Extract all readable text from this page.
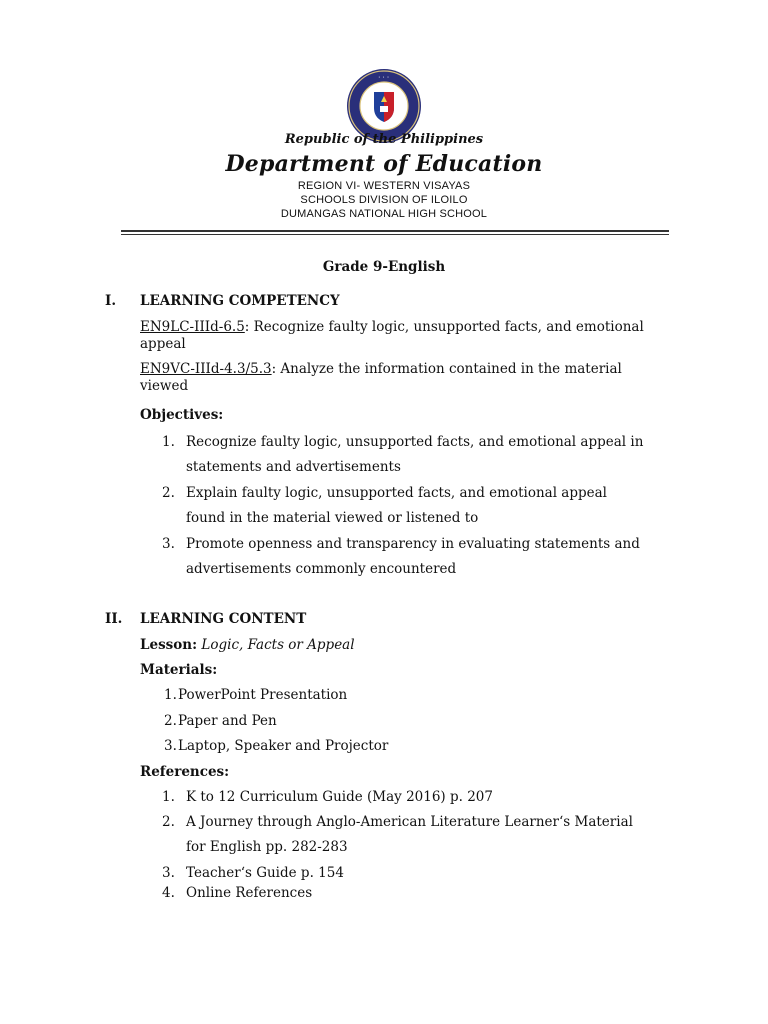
· · ·
Republic of the Philippines
Department of Education
REGION VI- WESTERN VISAYAS
SCHOOLS DIVISION OF ILOILO
DUMANGAS NATIONAL HIGH SCHOOL
Grade 9-English
I. LEARNING COMPETENCY
EN9LC-IIId-6.5: Recognize faulty logic, unsupported facts, and emotional
appeal
EN9VC-IIId-4.3/5.3: Analyze the information contained in the material
viewed
Objectives:
1. Recognize faulty logic, unsupported facts, and emotional appeal in
statements and advertisements
2. Explain faulty logic, unsupported facts, and emotional appeal
found in the material viewed or listened to
3. Promote openness and transparency in evaluating statements and
advertisements commonly encountered
II. LEARNING CONTENT
Lesson: Logic, Facts or Appeal
Materials:
1. PowerPoint Presentation
2. Paper and Pen
3. Laptop, Speaker and Projector
References:
1. K to 12 Curriculum Guide (May 2016) p. 207
2. A Journey through Anglo-American Literature Learner‘s Material
for English pp. 282-283
3. Teacher‘s Guide p. 154
4. Online References
